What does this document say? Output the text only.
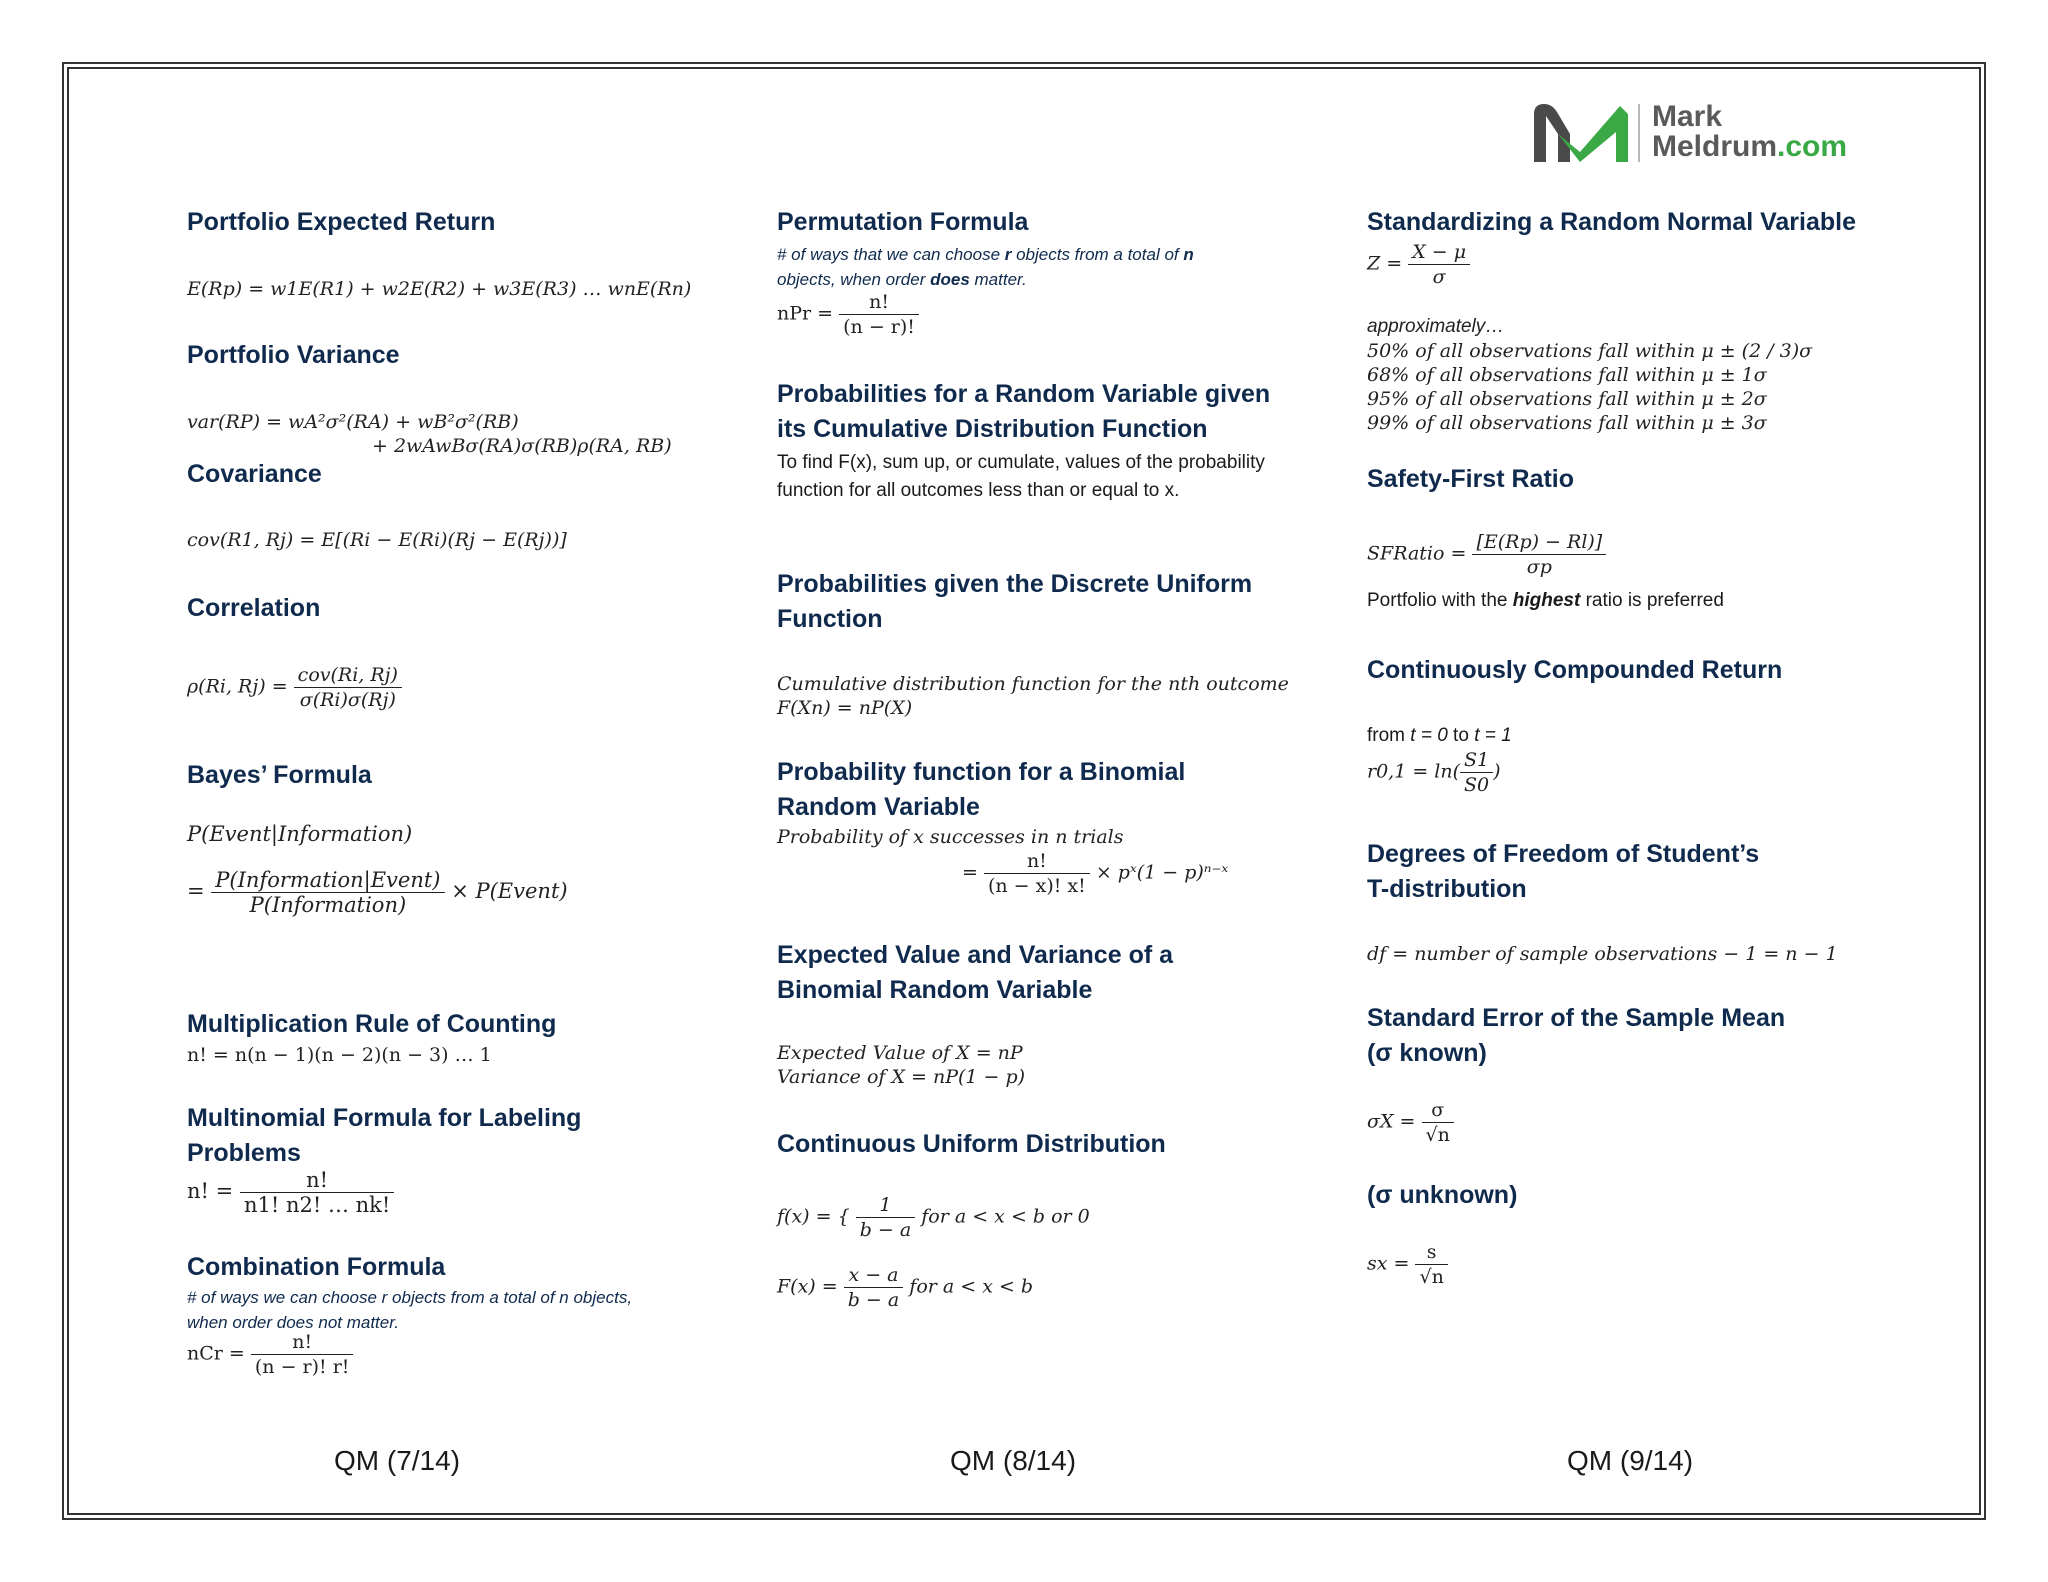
Mark
Meldrum.com
Portfolio Expected Return
E(Rp) = w1E(R1) + w2E(R2) + w3E(R3) … wnE(Rn)
Portfolio Variance
var(RP) = wA²σ²(RA) + wB²σ²(RB)
+ 2wAwBσ(RA)σ(RB)ρ(RA, RB)
Covariance
cov(R1, Rj) = E[(Ri − E(Ri)(Rj − E(Rj))]
Correlation
ρ(Ri, $Rj) = \frac{\text{cov(Ri, Rj)}}{\sigma(Ri)\sigma(Rj)}$
Bayes’ Formula
P(Event|Information)
= $\frac{\text{P(Information|Event)}}{\text{P(Information)}}$ × P(Event)
Multiplication Rule of Counting
n! = n(n − 1)(n − 2)(n − 3) … 1
Multinomial Formula for Labeling
Problems
n! = $\frac{n!}{n1! n2! \dots nk!}$
Combination Formula
# of ways we can choose r objects from a total of n objects,
when order does not matter.
nCr = $\frac{n!}{(n - r)! r!}$
Permutation Formula
# of ways that we can choose r objects from a total of n
objects, when order does matter.
nPr = $\frac{n!}{(n - r)!}$
Probabilities for a Random Variable given
its Cumulative Distribution Function
To find F(x), sum up, or cumulate, values of the probability function for all outcomes less than or equal to x.
Probabilities given the Discrete Uniform
Function
Cumulative distribution function for the nth outcome
F(Xn) = nP(X)
Probability function for a Binomial
Random Variable
Probability of x successes in n trials
= $\frac{n!}{(n - x)! x!}$ × pˣ(1 − p)ⁿ⁻ˣ
Expected Value and Variance of a
Binomial Random Variable
Expected Value of X = nP
Variance of X = nP(1 − p)
Continuous Uniform Distribution
f(x) = { $\frac{1}{b - a}$ for a < x < b or 0
$F(x) = \frac{x - a}{b - a}$ for a < x < b
Standardizing a Random Normal Variable
$Z = \frac{X - \mu}{\sigma}$
approximately…
50% of all observations fall within μ ± (2 / 3)σ
68% of all observations fall within μ ± 1σ
95% of all observations fall within μ ± 2σ
99% of all observations fall within μ ± 3σ
Safety-First Ratio
SFRatio = $\frac{[E(Rp) - Rl)]}{\sigma p}$
Portfolio with the highest ratio is preferred
Continuously Compounded Return
from t = 0 to t = 1
$r0,1 = \ln( \frac{S1}{S0}$ )
Degrees of Freedom of Student’s
T-distribution
df = number of sample observations − 1 = n − 1
Standard Error of the Sample Mean
(σ known)
$\sigma X = \frac{\sigma}{√n}$
(σ unknown)
sx = $\frac{s}{√n}$
QM (7/14)	QM (8/14)	QM (9/14)
